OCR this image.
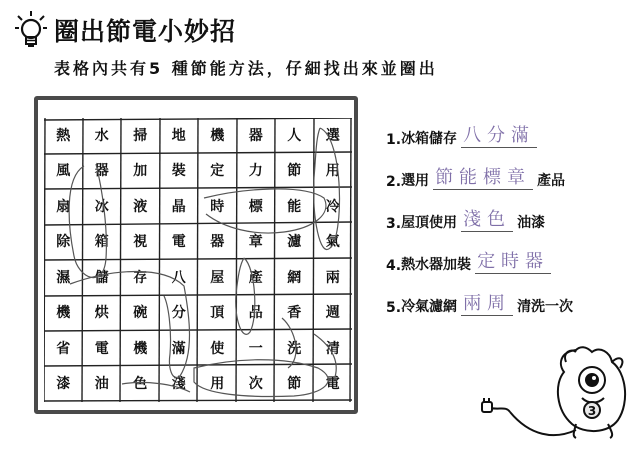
圈出節電小妙招
表格內共有5 種節能方法，仔細找出來並圈出
熱	水	掃	地	機	器	人	選
風	器	加	裝	定	力	節	用
扇	冰	液	晶	時	標	能	冷
除	箱	視	電	器	章	濾	氣
濕	儲	存	八	屋	產	網	兩
機	烘	碗	分	頂	品	香	週
省	電	機	滿	使	一	洗	清
漆	油	色	淺	用	次	節	電
1. 冰箱儲存 八分滿
2. 選用 節能標章 產品
3. 屋頂使用 淺色 油漆
4. 熱水器加裝 定時器
5. 冷氣濾網 兩周 清洗一次
3
